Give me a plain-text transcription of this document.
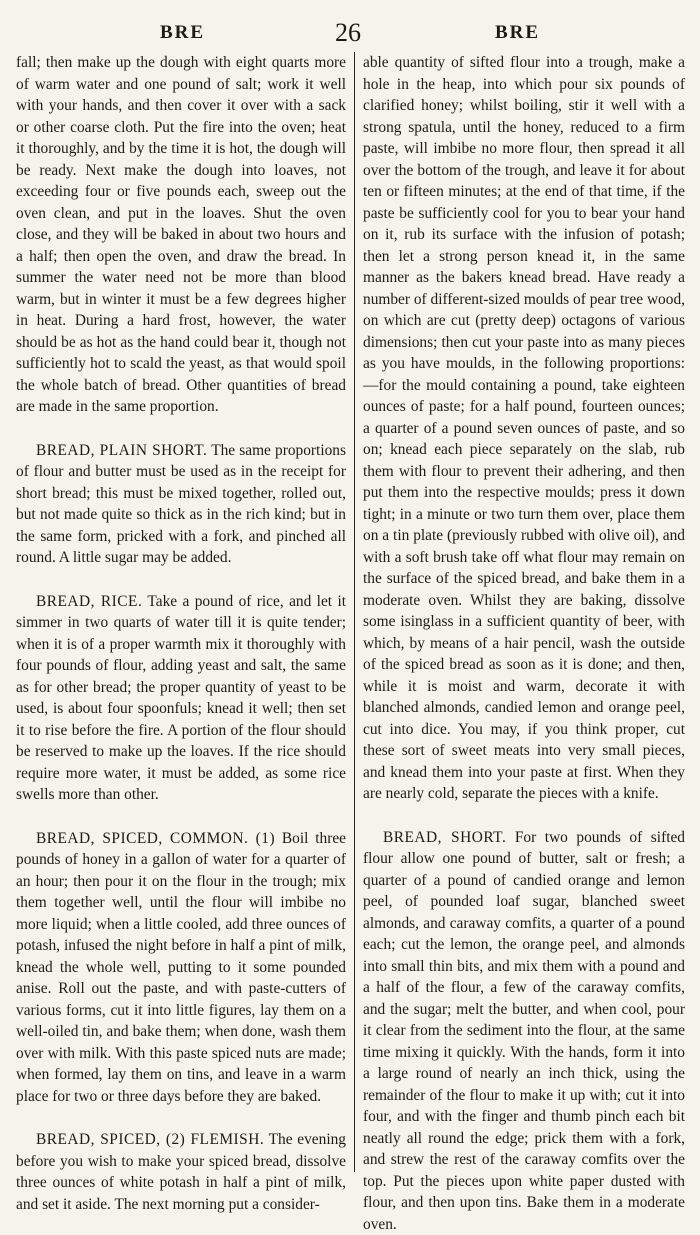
BRE	26	BRE

fall; then make up the dough with eight quarts more of warm water and one pound of salt; work it well with your hands, and then cover it over with a sack or other coarse cloth. Put the fire into the oven; heat it thoroughly, and by the time it is hot, the dough will be ready. Next make the dough into loaves, not exceeding four or five pounds each, sweep out the oven clean, and put in the loaves. Shut the oven close, and they will be baked in about two hours and a half; then open the oven, and draw the bread. In summer the water need not be more than blood warm, but in winter it must be a few degrees higher in heat. During a hard frost, however, the water should be as hot as the hand could bear it, though not sufficiently hot to scald the yeast, as that would spoil the whole batch of bread. Other quantities of bread are made in the same proportion.

BREAD, PLAIN SHORT. The same proportions of flour and butter must be used as in the receipt for short bread; this must be mixed together, rolled out, but not made quite so thick as in the rich kind; but in the same form, pricked with a fork, and pinched all round. A little sugar may be added.

BREAD, RICE. Take a pound of rice, and let it simmer in two quarts of water till it is quite tender; when it is of a proper warmth mix it thoroughly with four pounds of flour, adding yeast and salt, the same as for other bread; the proper quantity of yeast to be used, is about four spoonfuls; knead it well; then set it to rise before the fire. A portion of the flour should be reserved to make up the loaves. If the rice should require more water, it must be added, as some rice swells more than other.

BREAD, SPICED, COMMON. (1) Boil three pounds of honey in a gallon of water for a quarter of an hour; then pour it on the flour in the trough; mix them together well, until the flour will imbibe no more liquid; when a little cooled, add three ounces of potash, infused the night before in half a pint of milk, knead the whole well, putting to it some pounded anise. Roll out the paste, and with paste-cutters of various forms, cut it into little figures, lay them on a well-oiled tin, and bake them; when done, wash them over with milk. With this paste spiced nuts are made; when formed, lay them on tins, and leave in a warm place for two or three days before they are baked.

BREAD, SPICED, (2) FLEMISH. The evening before you wish to make your spiced bread, dissolve three ounces of white potash in half a pint of milk, and set it aside. The next morning put a consider-

able quantity of sifted flour into a trough, make a hole in the heap, into which pour six pounds of clarified honey; whilst boiling, stir it well with a strong spatula, until the honey, reduced to a firm paste, will imbibe no more flour, then spread it all over the bottom of the trough, and leave it for about ten or fifteen minutes; at the end of that time, if the paste be sufficiently cool for you to bear your hand on it, rub its surface with the infusion of potash; then let a strong person knead it, in the same manner as the bakers knead bread. Have ready a number of different-sized moulds of pear tree wood, on which are cut (pretty deep) octagons of various dimensions; then cut your paste into as many pieces as you have moulds, in the following proportions:—for the mould containing a pound, take eighteen ounces of paste; for a half pound, fourteen ounces; a quarter of a pound seven ounces of paste, and so on; knead each piece separately on the slab, rub them with flour to prevent their adhering, and then put them into the respective moulds; press it down tight; in a minute or two turn them over, place them on a tin plate (previously rubbed with olive oil), and with a soft brush take off what flour may remain on the surface of the spiced bread, and bake them in a moderate oven. Whilst they are baking, dissolve some isinglass in a sufficient quantity of beer, with which, by means of a hair pencil, wash the outside of the spiced bread as soon as it is done; and then, while it is moist and warm, decorate it with blanched almonds, candied lemon and orange peel, cut into dice. You may, if you think proper, cut these sort of sweet meats into very small pieces, and knead them into your paste at first. When they are nearly cold, separate the pieces with a knife.

BREAD, SHORT. For two pounds of sifted flour allow one pound of butter, salt or fresh; a quarter of a pound of candied orange and lemon peel, of pounded loaf sugar, blanched sweet almonds, and caraway comfits, a quarter of a pound each; cut the lemon, the orange peel, and almonds into small thin bits, and mix them with a pound and a half of the flour, a few of the caraway comfits, and the sugar; melt the butter, and when cool, pour it clear from the sediment into the flour, at the same time mixing it quickly. With the hands, form it into a large round of nearly an inch thick, using the remainder of the flour to make it up with; cut it into four, and with the finger and thumb pinch each bit neatly all round the edge; prick them with a fork, and strew the rest of the caraway comfits over the top. Put the pieces upon white paper dusted with flour, and then upon tins. Bake them in a moderate oven.
